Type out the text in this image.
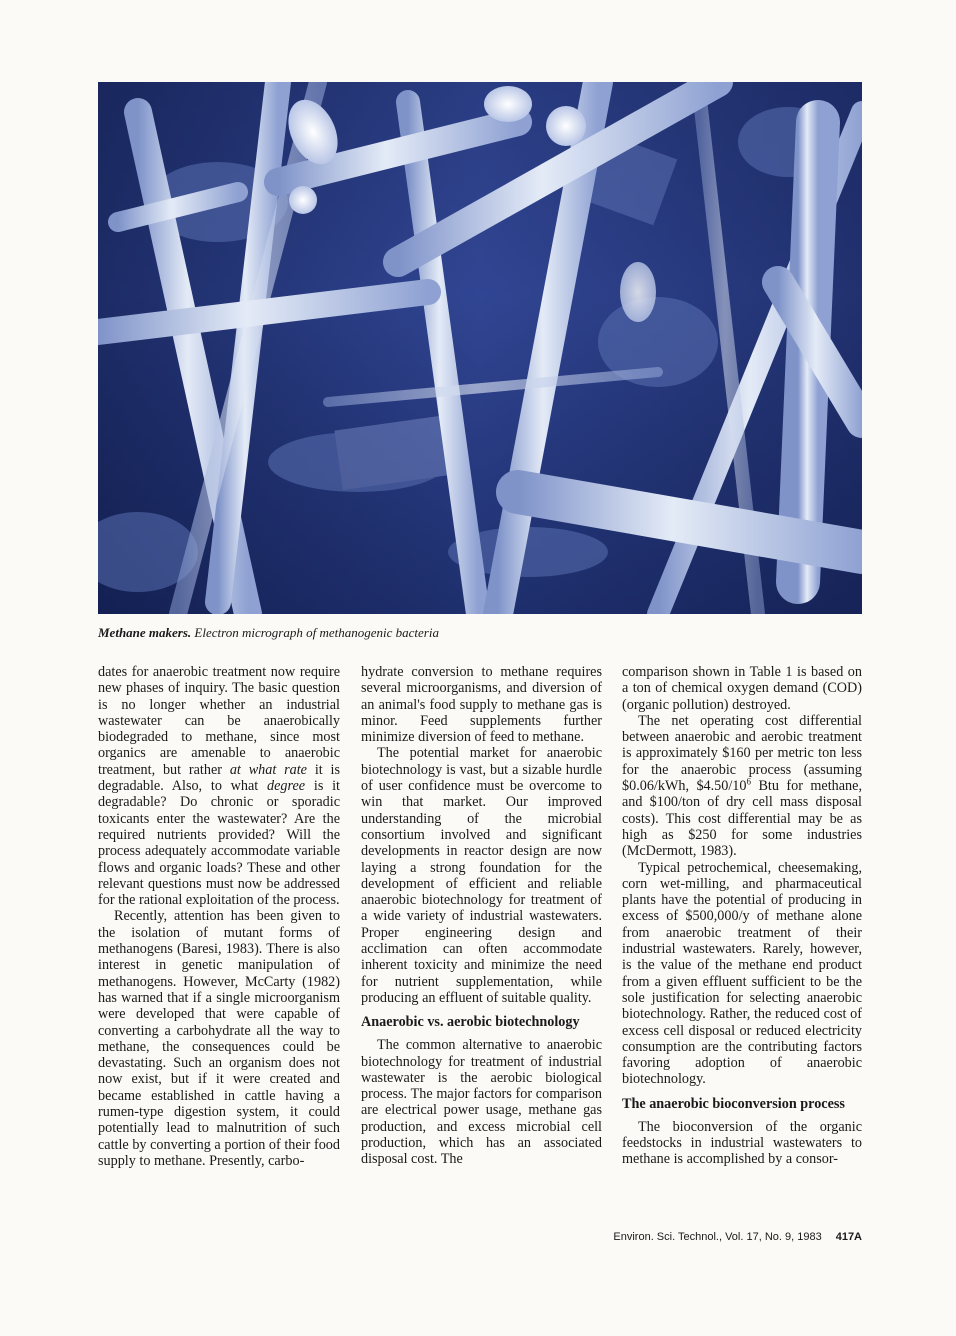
Methane makers. Electron micrograph of methanogenic bacteria

dates for anaerobic treatment now require new phases of inquiry. The basic question is no longer whether an industrial wastewater can be anaerobically biodegraded to methane, since most organics are amenable to anaerobic treatment, but rather at what rate it is degradable. Also, to what degree is it degradable? Do chronic or sporadic toxicants enter the wastewater? Are the required nutrients provided? Will the process adequately accommodate variable flows and organic loads? These and other relevant questions must now be addressed for the rational exploitation of the process.

Recently, attention has been given to the isolation of mutant forms of methanogens (Baresi, 1983). There is also interest in genetic manipulation of methanogens. However, McCarty (1982) has warned that if a single microorganism were developed that were capable of converting a carbohydrate all the way to methane, the consequences could be devastating. Such an organism does not now exist, but if it were created and became established in cattle having a rumen-type digestion system, it could potentially lead to malnutrition of such cattle by converting a portion of their food supply to methane. Presently, carbo-

hydrate conversion to methane requires several microorganisms, and diversion of an animal's food supply to methane gas is minor. Feed supplements further minimize diversion of feed to methane.

The potential market for anaerobic biotechnology is vast, but a sizable hurdle of user confidence must be overcome to win that market. Our improved understanding of the microbial consortium involved and significant developments in reactor design are now laying a strong foundation for the development of efficient and reliable anaerobic biotechnology for treatment of a wide variety of industrial wastewaters. Proper engineering design and acclimation can often accommodate inherent toxicity and minimize the need for nutrient supplementation, while producing an effluent of suitable quality.

Anaerobic vs. aerobic biotechnology

The common alternative to anaerobic biotechnology for treatment of industrial wastewater is the aerobic biological process. The major factors for comparison are electrical power usage, methane gas production, and excess microbial cell production, which has an associated disposal cost. The

comparison shown in Table 1 is based on a ton of chemical oxygen demand (COD) (organic pollution) destroyed.

The net operating cost differential between anaerobic and aerobic treatment is approximately $160 per metric ton less for the anaerobic process (assuming $0.06/kWh, $\$4.50/10^6$ Btu for methane, and $100/ton of dry cell mass disposal costs). This cost differential may be as high as $250 for some industries (McDermott, 1983).

Typical petrochemical, cheesemaking, corn wet-milling, and pharmaceutical plants have the potential of producing in excess of $500,000/y of methane alone from anaerobic treatment of their industrial wastewaters. Rarely, however, is the value of the methane end product from a given effluent sufficient to be the sole justification for selecting anaerobic biotechnology. Rather, the reduced cost of excess cell disposal or reduced electricity consumption are the contributing factors favoring adoption of anaerobic biotechnology.

The anaerobic bioconversion process

The bioconversion of the organic feedstocks in industrial wastewaters to methane is accomplished by a consor-

Environ. Sci. Technol., Vol. 17, No. 9, 1983 417A
